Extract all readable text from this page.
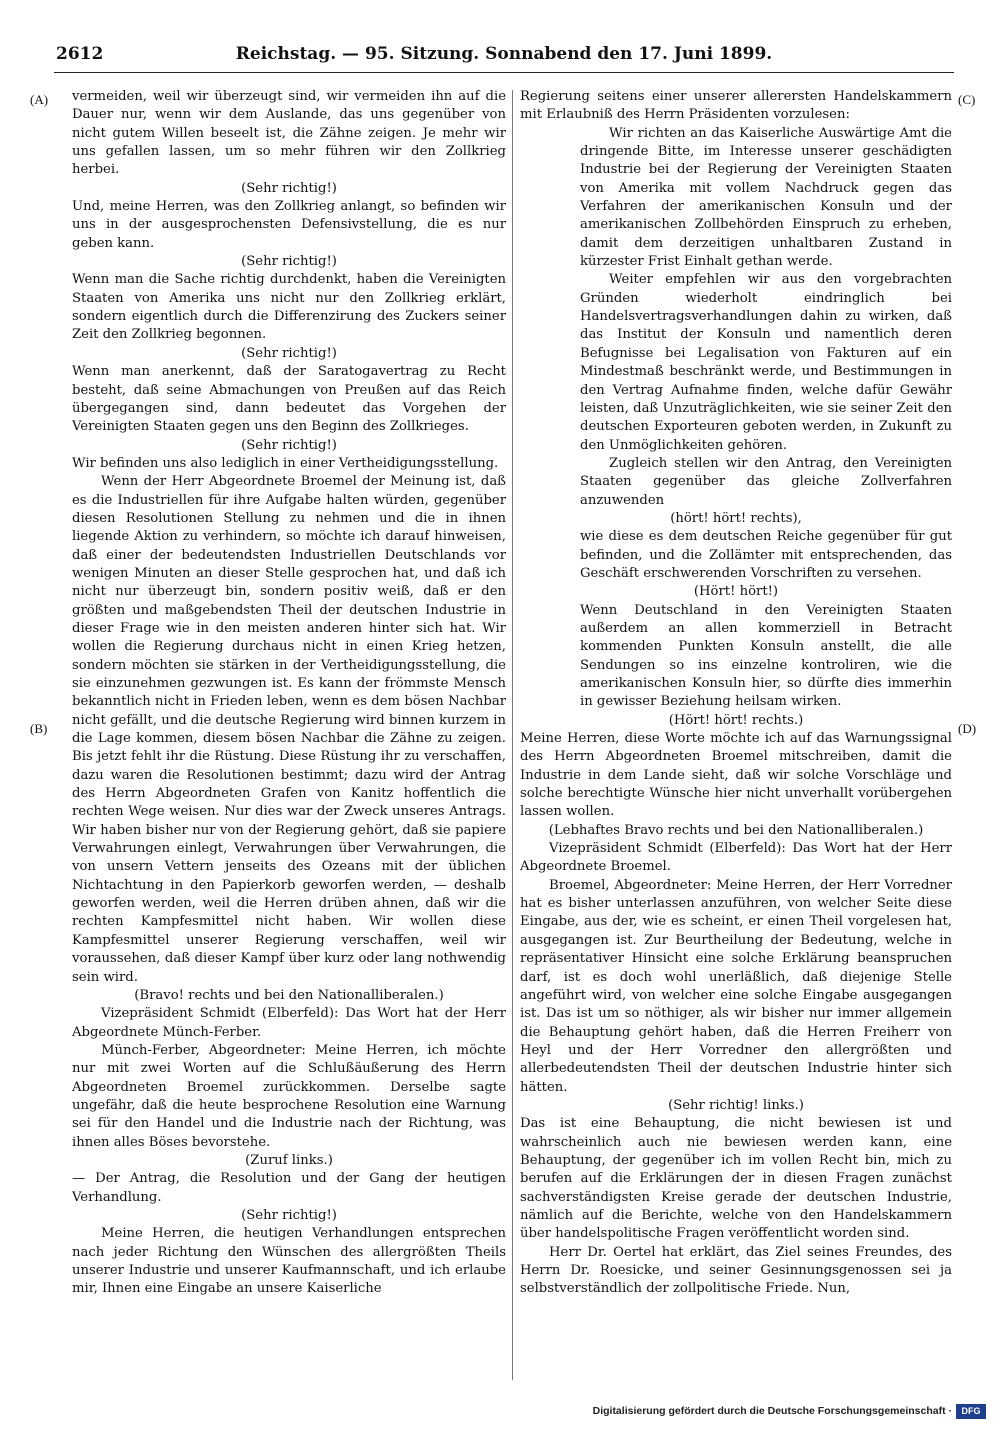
2612	Reichstag. — 95. Sitzung. Sonnabend den 17. Juni 1899.
(A)
(B)
(C)
(D)

vermeiden, weil wir überzeugt sind, wir vermeiden ihn auf die Dauer nur, wenn wir dem Auslande, das uns gegenüber von nicht gutem Willen beseelt ist, die Zähne zeigen. Je mehr wir uns gefallen lassen, um so mehr führen wir den Zollkrieg herbei.

(Sehr richtig!)

Und, meine Herren, was den Zollkrieg anlangt, so befinden wir uns in der ausgesprochensten Defensivstellung, die es nur geben kann.

(Sehr richtig!)

Wenn man die Sache richtig durchdenkt, haben die Vereinigten Staaten von Amerika uns nicht nur den Zollkrieg erklärt, sondern eigentlich durch die Differenzirung des Zuckers seiner Zeit den Zollkrieg begonnen.

(Sehr richtig!)

Wenn man anerkennt, daß der Saratogavertrag zu Recht besteht, daß seine Abmachungen von Preußen auf das Reich übergegangen sind, dann bedeutet das Vorgehen der Vereinigten Staaten gegen uns den Beginn des Zollkrieges.

(Sehr richtig!)

Wir befinden uns also lediglich in einer Vertheidigungsstellung.

Wenn der Herr Abgeordnete Broemel der Meinung ist, daß es die Industriellen für ihre Aufgabe halten würden, gegenüber diesen Resolutionen Stellung zu nehmen und die in ihnen liegende Aktion zu verhindern, so möchte ich darauf hinweisen, daß einer der bedeutendsten Industriellen Deutschlands vor wenigen Minuten an dieser Stelle gesprochen hat, und daß ich nicht nur überzeugt bin, sondern positiv weiß, daß er den größten und maßgebendsten Theil der deutschen Industrie in dieser Frage wie in den meisten anderen hinter sich hat. Wir wollen die Regierung durchaus nicht in einen Krieg hetzen, sondern möchten sie stärken in der Vertheidigungsstellung, die sie einzunehmen gezwungen ist. Es kann der frömmste Mensch bekanntlich nicht in Frieden leben, wenn es dem bösen Nachbar nicht gefällt, und die deutsche Regierung wird binnen kurzem in die Lage kommen, diesem bösen Nachbar die Zähne zu zeigen. Bis jetzt fehlt ihr die Rüstung. Diese Rüstung ihr zu verschaffen, dazu waren die Resolutionen bestimmt; dazu wird der Antrag des Herrn Abgeordneten Grafen von Kanitz hoffentlich die rechten Wege weisen. Nur dies war der Zweck unseres Antrags. Wir haben bisher nur von der Regierung gehört, daß sie papiere Verwahrungen einlegt, Verwahrungen über Verwahrungen, die von unsern Vettern jenseits des Ozeans mit der üblichen Nichtachtung in den Papierkorb geworfen werden, — deshalb geworfen werden, weil die Herren drüben ahnen, daß wir die rechten Kampfesmittel nicht haben. Wir wollen diese Kampfesmittel unserer Regierung verschaffen, weil wir voraussehen, daß dieser Kampf über kurz oder lang nothwendig sein wird.

(Bravo! rechts und bei den Nationalliberalen.)

Vizepräsident Schmidt (Elberfeld): Das Wort hat der Herr Abgeordnete Münch-Ferber.

Münch-Ferber, Abgeordneter: Meine Herren, ich möchte nur mit zwei Worten auf die Schlußäußerung des Herrn Abgeordneten Broemel zurückkommen. Derselbe sagte ungefähr, daß die heute besprochene Resolution eine Warnung sei für den Handel und die Industrie nach der Richtung, was ihnen alles Böses bevorstehe.

(Zuruf links.)

— Der Antrag, die Resolution und der Gang der heutigen Verhandlung.

(Sehr richtig!)

Meine Herren, die heutigen Verhandlungen entsprechen nach jeder Richtung den Wünschen des allergrößten Theils unserer Industrie und unserer Kaufmannschaft, und ich erlaube mir, Ihnen eine Eingabe an unsere Kaiserliche

Regierung seitens einer unserer allerersten Handelskammern mit Erlaubniß des Herrn Präsidenten vorzulesen:

Wir richten an das Kaiserliche Auswärtige Amt die dringende Bitte, im Interesse unserer geschädigten Industrie bei der Regierung der Vereinigten Staaten von Amerika mit vollem Nachdruck gegen das Verfahren der amerikanischen Konsuln und der amerikanischen Zollbehörden Einspruch zu erheben, damit dem derzeitigen unhaltbaren Zustand in kürzester Frist Einhalt gethan werde.

Weiter empfehlen wir aus den vorgebrachten Gründen wiederholt eindringlich bei Handelsvertragsverhandlungen dahin zu wirken, daß das Institut der Konsuln und namentlich deren Befugnisse bei Legalisation von Fakturen auf ein Mindestmaß beschränkt werde, und Bestimmungen in den Vertrag Aufnahme finden, welche dafür Gewähr leisten, daß Unzuträglichkeiten, wie sie seiner Zeit den deutschen Exporteuren geboten werden, in Zukunft zu den Unmöglichkeiten gehören.

Zugleich stellen wir den Antrag, den Vereinigten Staaten gegenüber das gleiche Zollverfahren anzuwenden

(hört! hört! rechts),

wie diese es dem deutschen Reiche gegenüber für gut befinden, und die Zollämter mit entsprechenden, das Geschäft erschwerenden Vorschriften zu versehen.

(Hört! hört!)

Wenn Deutschland in den Vereinigten Staaten außerdem an allen kommerziell in Betracht kommenden Punkten Konsuln anstellt, die alle Sendungen so ins einzelne kontroliren, wie die amerikanischen Konsuln hier, so dürfte dies immerhin in gewisser Beziehung heilsam wirken.

(Hört! hört! rechts.)

Meine Herren, diese Worte möchte ich auf das Warnungssignal des Herrn Abgeordneten Broemel mitschreiben, damit die Industrie in dem Lande sieht, daß wir solche Vorschläge und solche berechtigte Wünsche hier nicht unverhallt vorübergehen lassen wollen.

(Lebhaftes Bravo rechts und bei den Nationalliberalen.)

Vizepräsident Schmidt (Elberfeld): Das Wort hat der Herr Abgeordnete Broemel.

Broemel, Abgeordneter: Meine Herren, der Herr Vorredner hat es bisher unterlassen anzuführen, von welcher Seite diese Eingabe, aus der, wie es scheint, er einen Theil vorgelesen hat, ausgegangen ist. Zur Beurtheilung der Bedeutung, welche in repräsentativer Hinsicht eine solche Erklärung beanspruchen darf, ist es doch wohl unerläßlich, daß diejenige Stelle angeführt wird, von welcher eine solche Eingabe ausgegangen ist. Das ist um so nöthiger, als wir bisher nur immer allgemein die Behauptung gehört haben, daß die Herren Freiherr von Heyl und der Herr Vorredner den allergrößten und allerbedeutendsten Theil der deutschen Industrie hinter sich hätten.

(Sehr richtig! links.)

Das ist eine Behauptung, die nicht bewiesen ist und wahrscheinlich auch nie bewiesen werden kann, eine Behauptung, der gegenüber ich im vollen Recht bin, mich zu berufen auf die Erklärungen der in diesen Fragen zunächst sachverständigsten Kreise gerade der deutschen Industrie, nämlich auf die Berichte, welche von den Handelskammern über handelspolitische Fragen veröffentlicht worden sind.

Herr Dr. Oertel hat erklärt, das Ziel seines Freundes, des Herrn Dr. Roesicke, und seiner Gesinnungsgenossen sei ja selbstverständlich der zollpolitische Friede. Nun,

Digitalisierung gefördert durch die Deutsche Forschungsgemeinschaft ·	DFG
